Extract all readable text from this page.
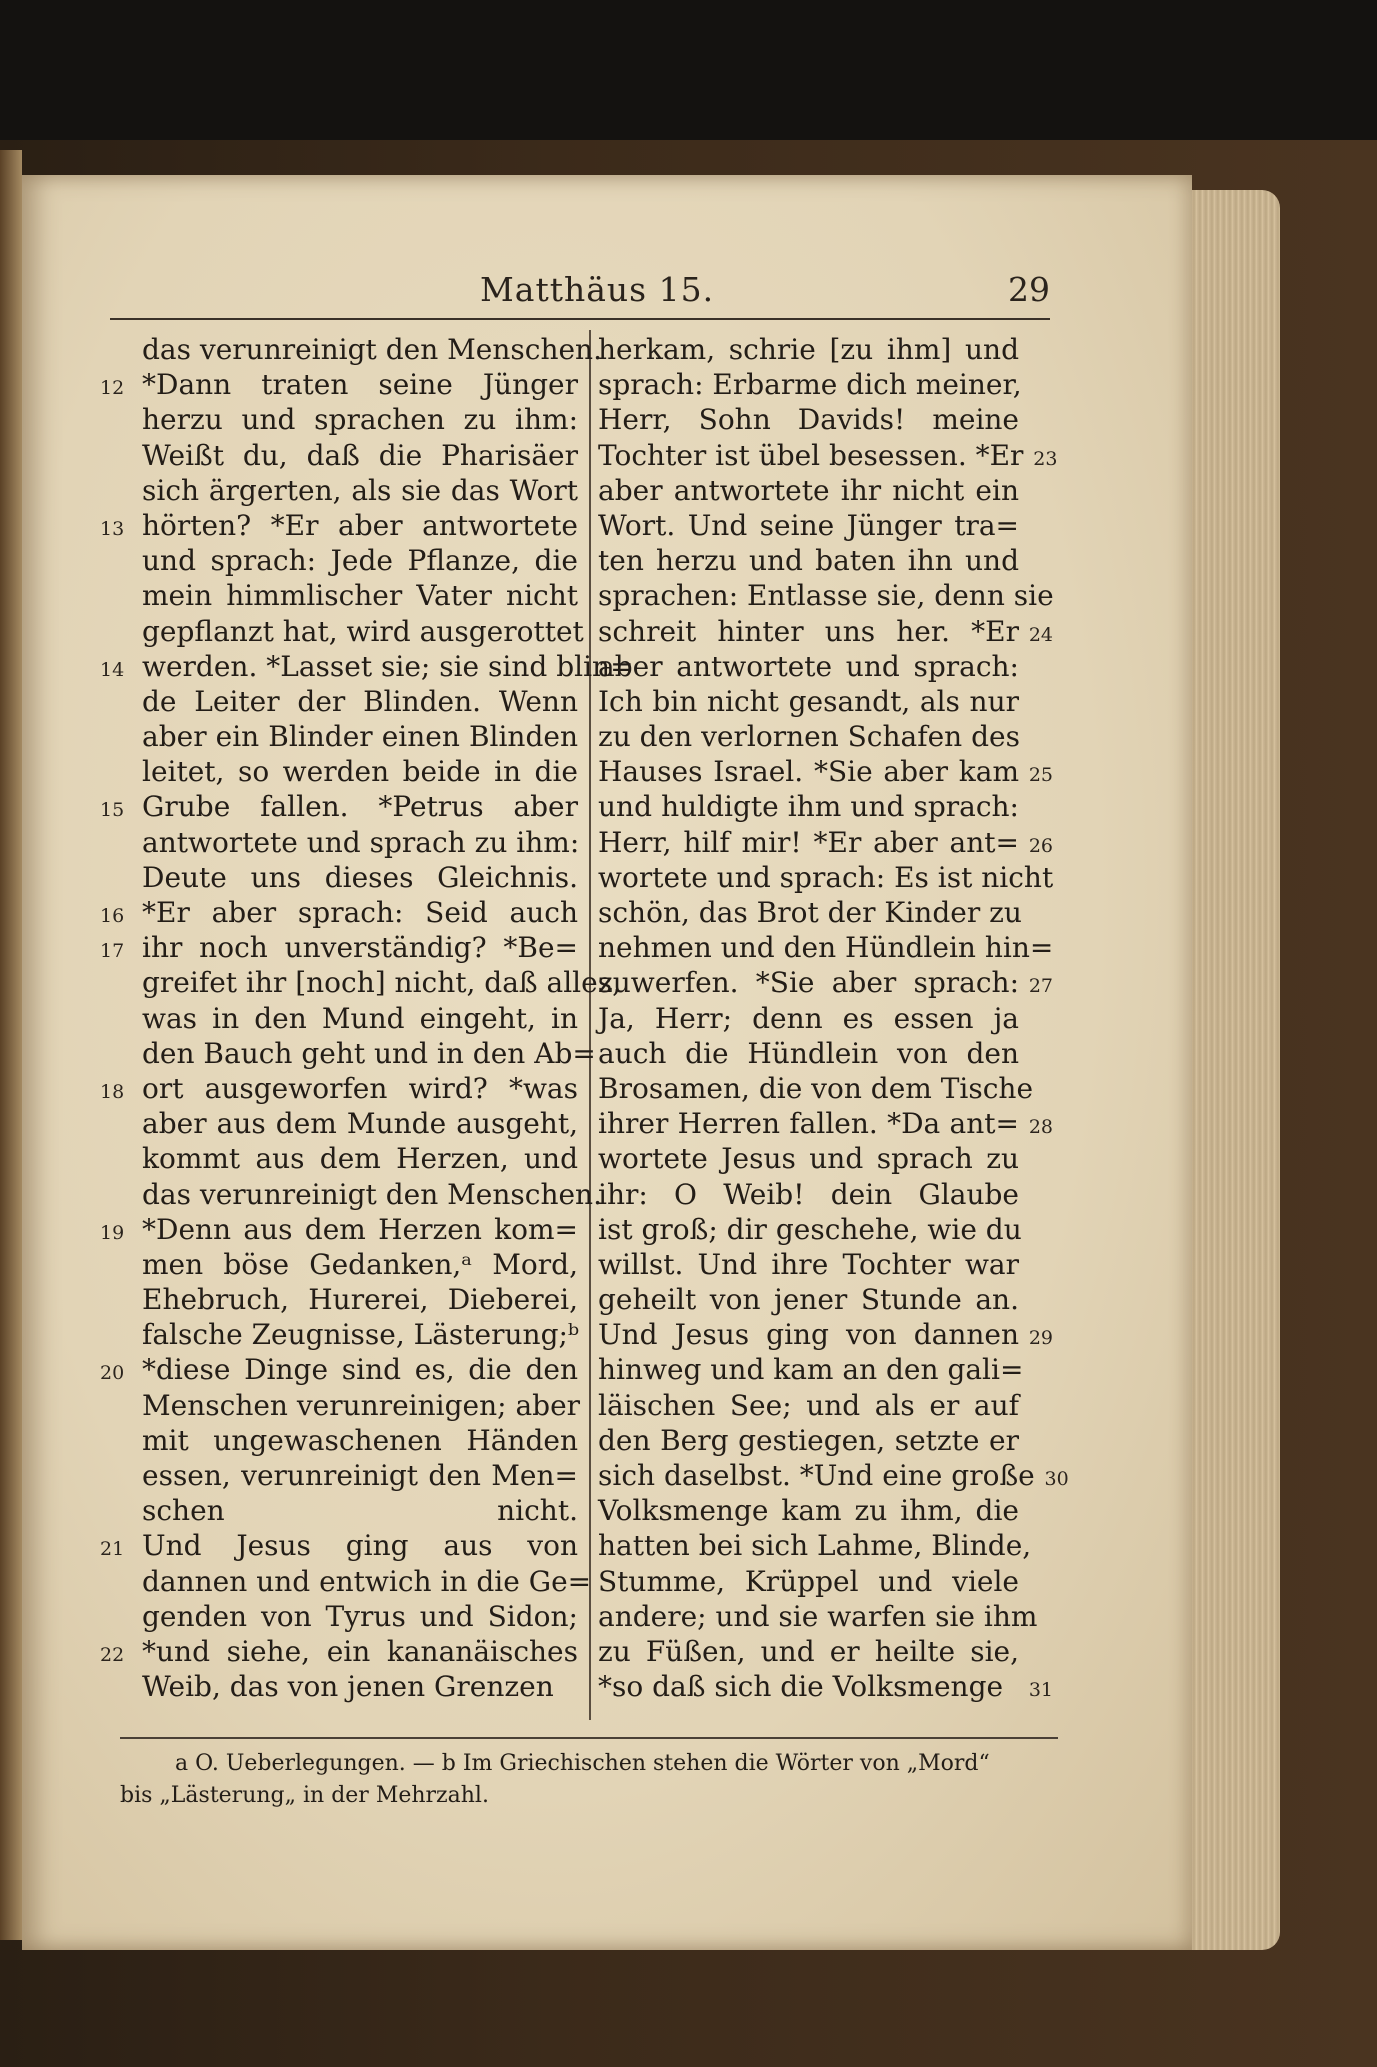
Matthäus 15.	29
das verunreinigt den Menschen.
12 *Dann traten seine Jünger
herzu und sprachen zu ihm:
Weißt du, daß die Pharisäer
sich ärgerten, als sie das Wort
13 hörten? *Er aber antwortete
und sprach: Jede Pflanze, die
mein himmlischer Vater nicht
gepflanzt hat, wird ausgerottet
14 werden. *Lasset sie; sie sind blin=
de Leiter der Blinden. Wenn
aber ein Blinder einen Blinden
leitet, so werden beide in die
15 Grube fallen. *Petrus aber
antwortete und sprach zu ihm:
Deute uns dieses Gleichnis.
16 *Er aber sprach: Seid auch
17 ihr noch unverständig? *Be=
greifet ihr [noch] nicht, daß alles,
was in den Mund eingeht, in
den Bauch geht und in den Ab=
18 ort ausgeworfen wird? *was
aber aus dem Munde ausgeht,
kommt aus dem Herzen, und
das verunreinigt den Menschen.
19 *Denn aus dem Herzen kom=
men böse Gedanken,ᵃ Mord,
Ehebruch, Hurerei, Dieberei,
falsche Zeugnisse, Lästerung;ᵇ
20 *diese Dinge sind es, die den
Menschen verunreinigen; aber
mit ungewaschenen Händen
essen, verunreinigt den Men=
schen nicht.
21 Und Jesus ging aus von
dannen und entwich in die Ge=
genden von Tyrus und Sidon;
22 *und siehe, ein kananäisches
Weib, das von jenen Grenzen
herkam, schrie [zu ihm] und
sprach: Erbarme dich meiner,
Herr, Sohn Davids! meine
Tochter ist übel besessen. *Er 23
aber antwortete ihr nicht ein
Wort. Und seine Jünger tra=
ten herzu und baten ihn und
sprachen: Entlasse sie, denn sie
schreit hinter uns her. *Er 24
aber antwortete und sprach:
Ich bin nicht gesandt, als nur
zu den verlornen Schafen des
Hauses Israel. *Sie aber kam 25
und huldigte ihm und sprach:
Herr, hilf mir! *Er aber ant= 26
wortete und sprach: Es ist nicht
schön, das Brot der Kinder zu
nehmen und den Hündlein hin=
zuwerfen. *Sie aber sprach: 27
Ja, Herr; denn es essen ja
auch die Hündlein von den
Brosamen, die von dem Tische
ihrer Herren fallen. *Da ant= 28
wortete Jesus und sprach zu
ihr: O Weib! dein Glaube
ist groß; dir geschehe, wie du
willst. Und ihre Tochter war
geheilt von jener Stunde an.
Und Jesus ging von dannen 29
hinweg und kam an den gali=
läischen See; und als er auf
den Berg gestiegen, setzte er
sich daselbst. *Und eine große 30
Volksmenge kam zu ihm, die
hatten bei sich Lahme, Blinde,
Stumme, Krüppel und viele
andere; und sie warfen sie ihm
zu Füßen, und er heilte sie,
*so daß sich die Volksmenge	31
a O. Ueberlegungen. — b Im Griechischen stehen die Wörter von „Mord“
bis „Lästerung„ in der Mehrzahl.
